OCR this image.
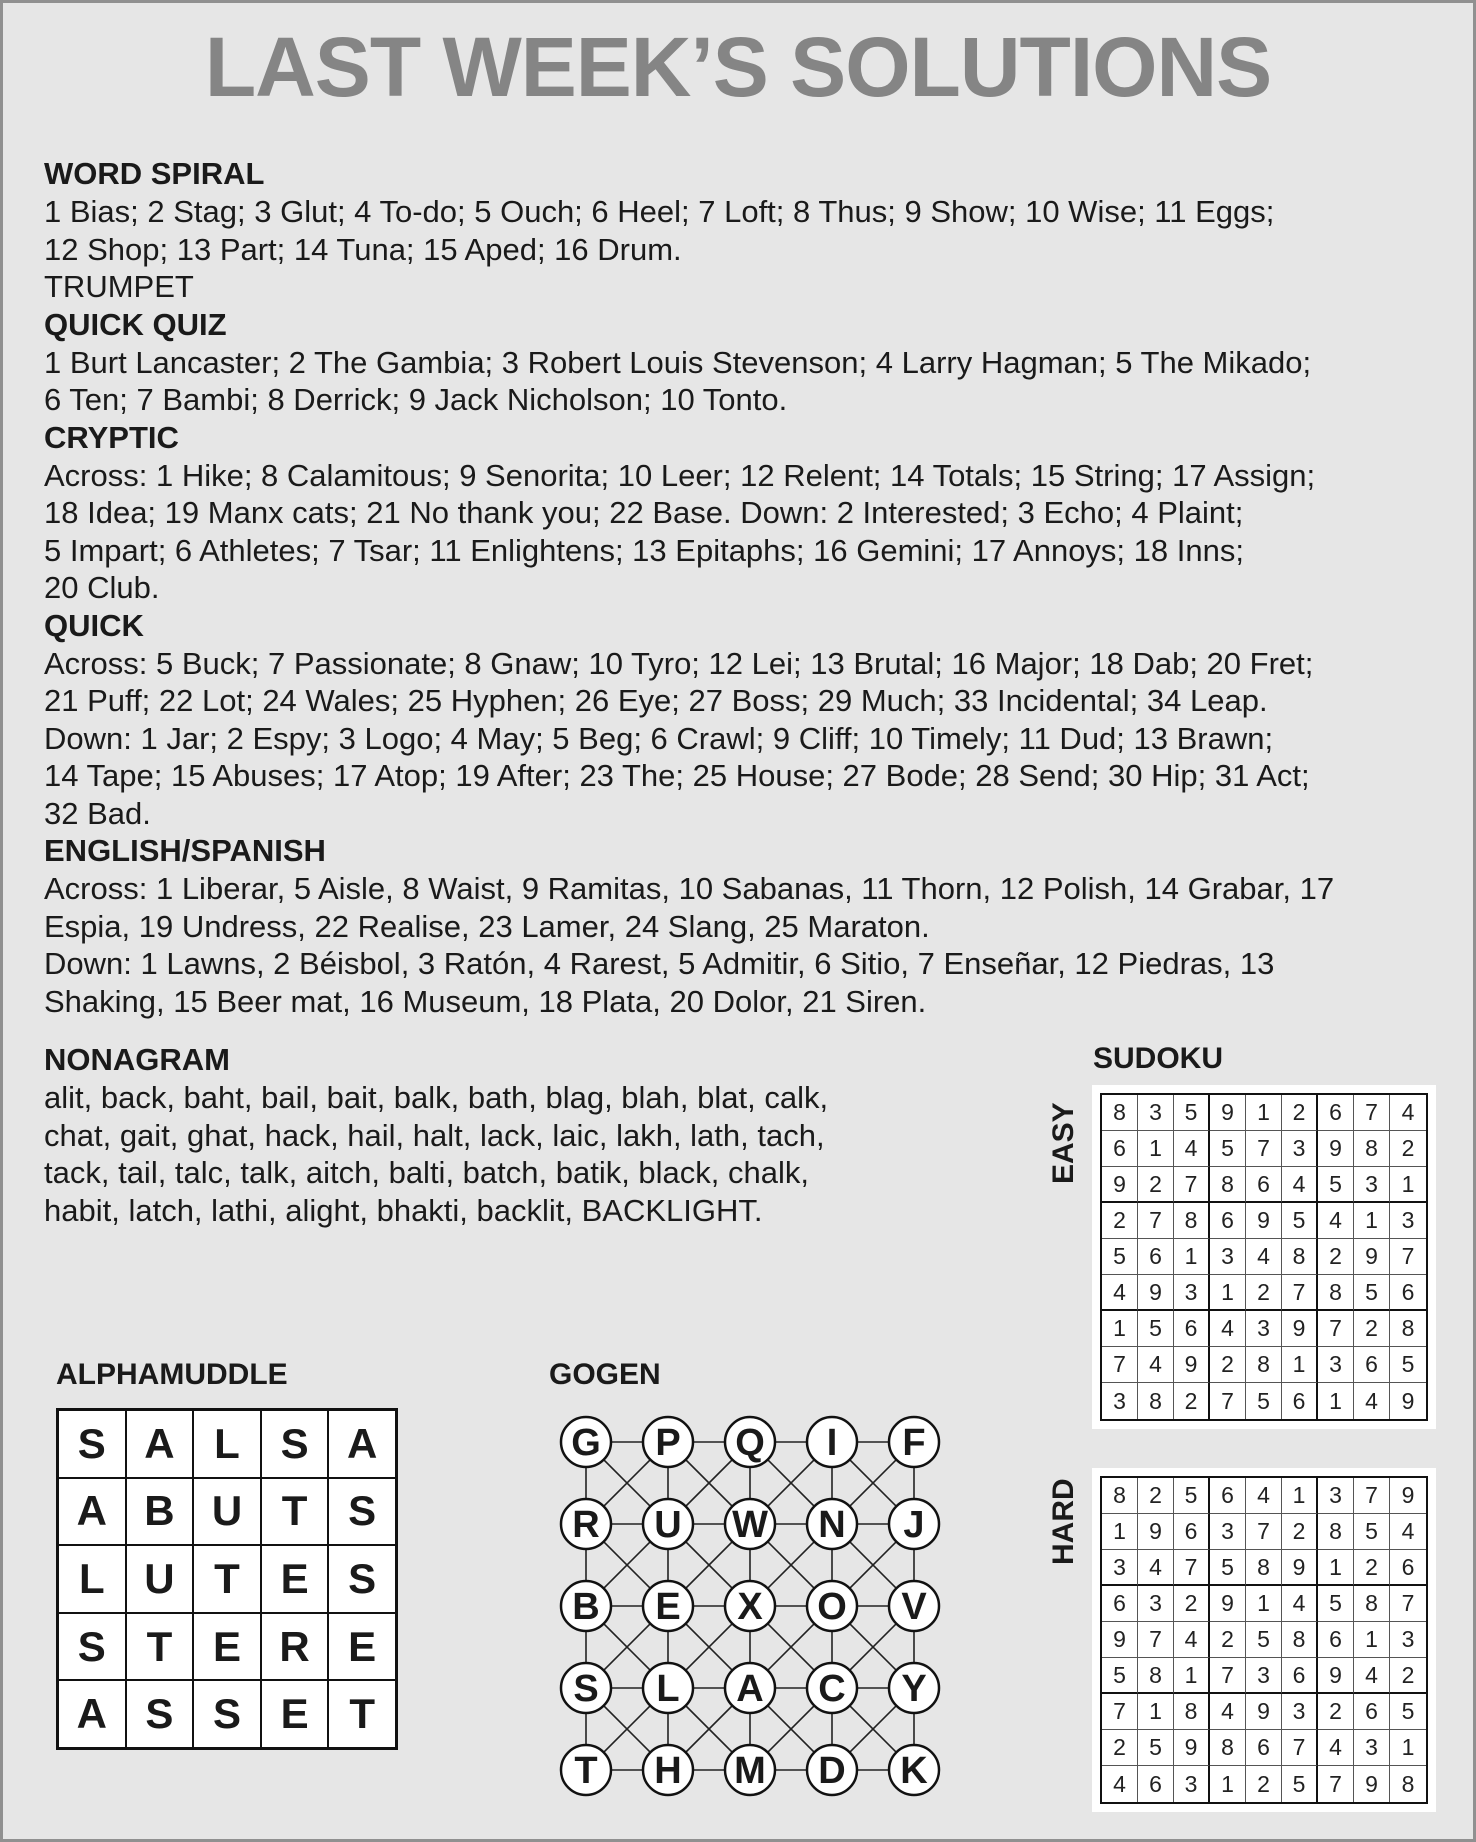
LAST WEEK’S SOLUTIONS
WORD SPIRAL
1 Bias; 2 Stag; 3 Glut; 4 To-do; 5 Ouch; 6 Heel; 7 Loft; 8 Thus; 9 Show; 10 Wise; 11 Eggs;
12 Shop; 13 Part; 14 Tuna; 15 Aped; 16 Drum.
TRUMPET
QUICK QUIZ
1 Burt Lancaster; 2 The Gambia; 3 Robert Louis Stevenson; 4 Larry Hagman; 5 The Mikado;
6 Ten; 7 Bambi; 8 Derrick; 9 Jack Nicholson; 10 Tonto.
CRYPTIC
Across: 1 Hike; 8 Calamitous; 9 Senorita; 10 Leer; 12 Relent; 14 Totals; 15 String; 17 Assign;
18 Idea; 19 Manx cats; 21 No thank you; 22 Base. Down: 2 Interested; 3 Echo; 4 Plaint;
5 Impart; 6 Athletes; 7 Tsar; 11 Enlightens; 13 Epitaphs; 16 Gemini; 17 Annoys; 18 Inns;
20 Club.
QUICK
Across: 5 Buck; 7 Passionate; 8 Gnaw; 10 Tyro; 12 Lei; 13 Brutal; 16 Major; 18 Dab; 20 Fret;
21 Puff; 22 Lot; 24 Wales; 25 Hyphen; 26 Eye; 27 Boss; 29 Much; 33 Incidental; 34 Leap.
Down: 1 Jar; 2 Espy; 3 Logo; 4 May; 5 Beg; 6 Crawl; 9 Cliff; 10 Timely; 11 Dud; 13 Brawn;
14 Tape; 15 Abuses; 17 Atop; 19 After; 23 The; 25 House; 27 Bode; 28 Send; 30 Hip; 31 Act;
32 Bad.
ENGLISH/SPANISH
Across: 1 Liberar, 5 Aisle, 8 Waist, 9 Ramitas, 10 Sabanas, 11 Thorn, 12 Polish, 14 Grabar, 17
Espia, 19 Undress, 22 Realise, 23 Lamer, 24 Slang, 25 Maraton.
Down: 1 Lawns, 2 Béisbol, 3 Ratón, 4 Rarest, 5 Admitir, 6 Sitio, 7 Enseñar, 12 Piedras, 13
Shaking, 15 Beer mat, 16 Museum, 18 Plata, 20 Dolor, 21 Siren.
NONAGRAM
alit, back, baht, bail, bait, balk, bath, blag, blah, blat, calk,
chat, gait, ghat, hack, hail, halt, lack, laic, lakh, lath, tach,
tack, tail, talc, talk, aitch, balti, batch, batik, black, chalk,
habit, latch, lathi, alight, bhakti, backlit, BACKLIGHT.
SUDOKU
EASY	8	3 5	9	1 2	6	7	4
6	1 4	5	7 3	9	8	2
9	2 7	8	6 4	5	3	1
2	7 8	6	9 5	4	1	3
5	6 1	3	4 8	2	9	7
4	9 3	1	2 7	8	5	6
1	5 6	4	3 9	7	2	8
7	4 9	2	8 1	3	6	5
3	8 2	7	5 6	1	4	9
HARD	8	2 5	6	4 1	3	7	9
1	9 6	3	7 2	8	5	4
3	4 7	5	8 9	1	2	6
6	3 2	9	1 4	5	8	7
9	7 4	2	5 8	6	1	3
5	8 1	7	3 6	9	4	2
7	1 8	4	9 3	2	6	5
2	5 9	8	6 7	4	3	1
4	6 3	1	2 5	7	9	8
ALPHAMUDDLE
S A L S A
A B U T S
L U T E S
S T E R E
A S S E T
GOGEN
G P Q I F
R U W N J
B E X O V
S L A C Y
T H M D K
